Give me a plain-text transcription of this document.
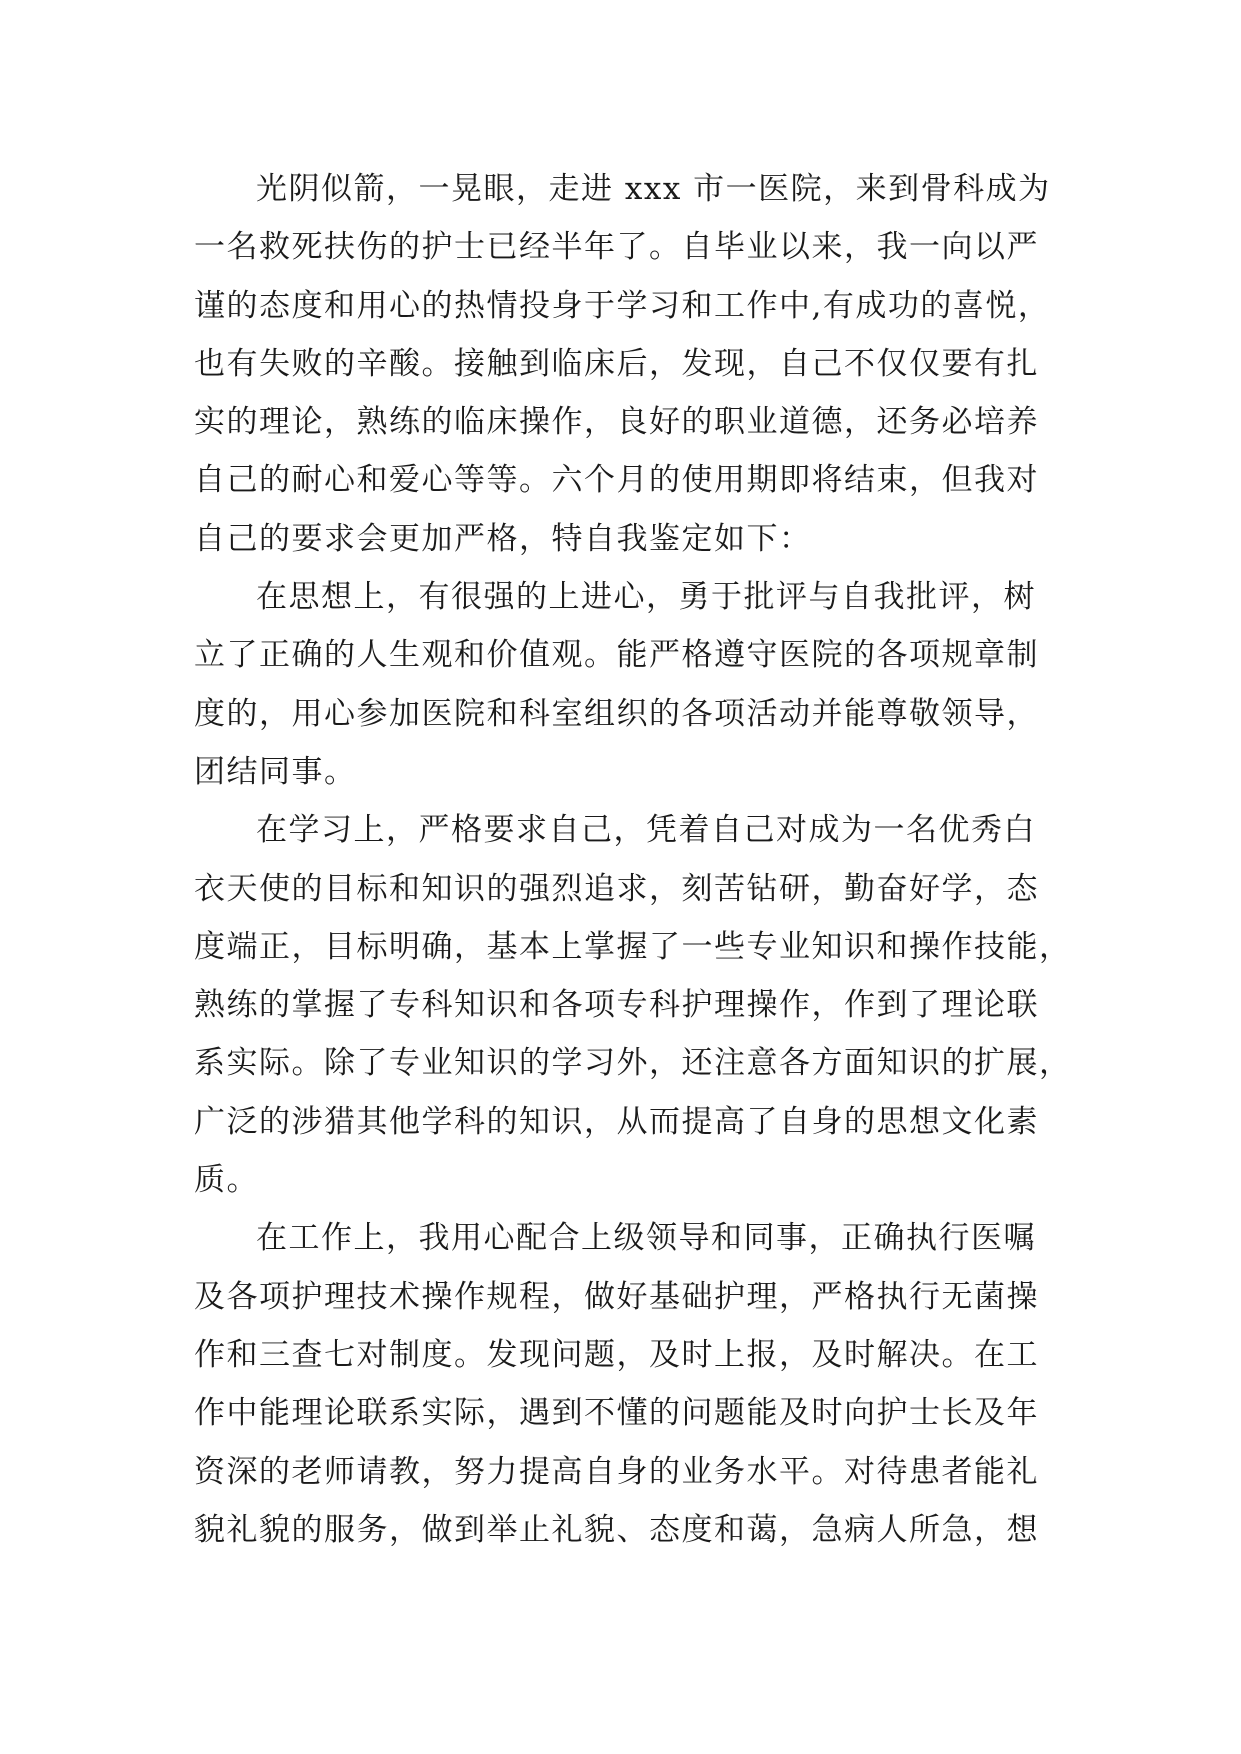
光阴似箭，一晃眼，走进 xxx 市一医院，来到骨科成为
一名救死扶伤的护士已经半年了。自毕业以来，我一向以严
谨的态度和用心的热情投身于学习和工作中,有成功的喜悦，
也有失败的辛酸。接触到临床后，发现，自己不仅仅要有扎
实的理论，熟练的临床操作，良好的职业道德，还务必培养
自己的耐心和爱心等等。六个月的使用期即将结束，但我对
自己的要求会更加严格，特自我鉴定如下：
在思想上，有很强的上进心，勇于批评与自我批评，树
立了正确的人生观和价值观。能严格遵守医院的各项规章制
度的，用心参加医院和科室组织的各项活动并能尊敬领导，
团结同事。
在学习上，严格要求自己，凭着自己对成为一名优秀白
衣天使的目标和知识的强烈追求，刻苦钻研，勤奋好学，态
度端正，目标明确，基本上掌握了一些专业知识和操作技能，
熟练的掌握了专科知识和各项专科护理操作，作到了理论联
系实际。除了专业知识的学习外，还注意各方面知识的扩展，
广泛的涉猎其他学科的知识，从而提高了自身的思想文化素
质。
在工作上，我用心配合上级领导和同事，正确执行医嘱
及各项护理技术操作规程，做好基础护理，严格执行无菌操
作和三查七对制度。发现问题，及时上报，及时解决。在工
作中能理论联系实际，遇到不懂的问题能及时向护士长及年
资深的老师请教，努力提高自身的业务水平。对待患者能礼
貌礼貌的服务，做到举止礼貌、态度和蔼，急病人所急，想
